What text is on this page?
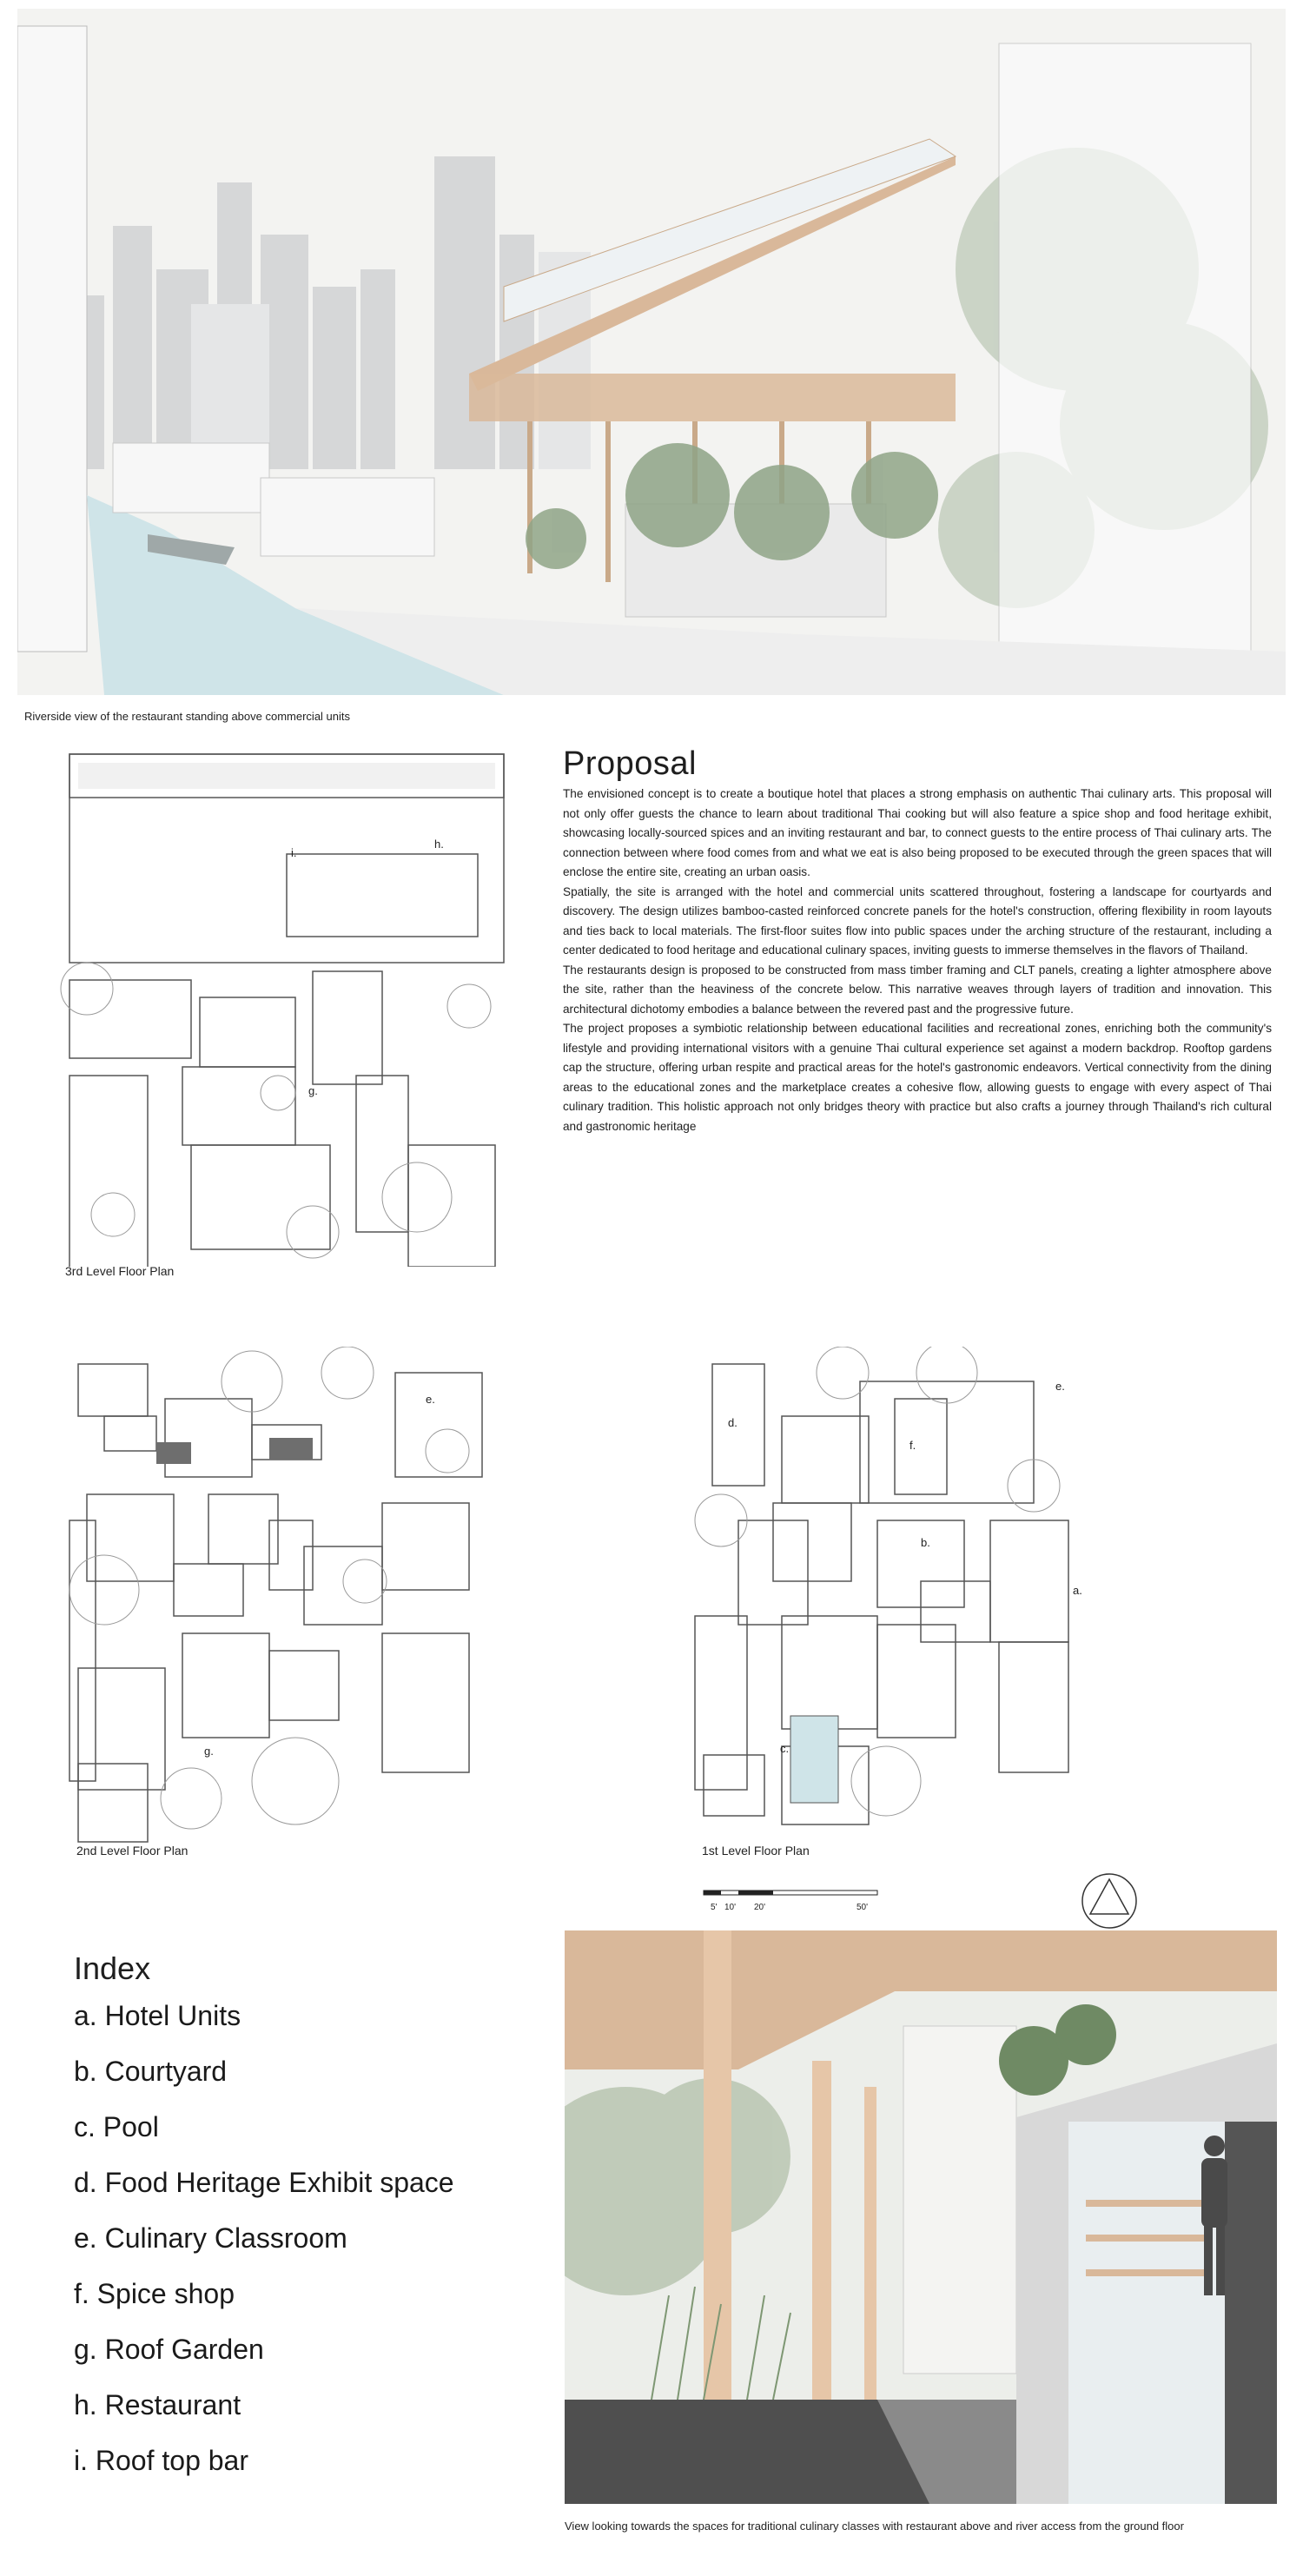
Riverside view of the restaurant standing above commercial units
h.
i.
g.
3rd Level Floor Plan
Proposal

The envisioned concept is to create a boutique hotel that places a strong emphasis on authentic Thai culinary arts. This proposal will not only offer guests the chance to learn about traditional Thai cooking but will also feature a spice shop and food heritage exhibit, showcasing locally-sourced spices and an inviting restaurant and bar, to connect guests to the entire process of Thai culinary arts. The connection between where food comes from and what we eat is also being proposed to be executed through the green spaces that will enclose the entire site, creating an urban oasis.

Spatially, the site is arranged with the hotel and commercial units scattered throughout, fostering a landscape for courtyards and discovery. The design utilizes bamboo-casted reinforced concrete panels for the hotel's construction, offering flexibility in room layouts and ties back to local materials. The first-floor suites flow into public spaces under the arching structure of the restaurant, including a center dedicated to food heritage and educational culinary spaces, inviting guests to immerse themselves in the flavors of Thailand.

The restaurants design is proposed to be constructed from mass timber framing and CLT panels, creating a lighter atmosphere above the site, rather than the heaviness of the concrete below. This narrative weaves through layers of tradition and innovation. This architectural dichotomy embodies a balance between the revered past and the progressive future.

The project proposes a symbiotic relationship between educational facilities and recreational zones, enriching both the community's lifestyle and providing international visitors with a genuine Thai cultural experience set against a modern backdrop. Rooftop gardens cap the structure, offering urban respite and practical areas for the hotel's gastronomic endeavors. Vertical connectivity from the dining areas to the educational zones and the marketplace creates a cohesive flow, allowing guests to engage with every aspect of Thai culinary tradition. This holistic approach not only bridges theory with practice but also crafts a journey through Thailand's rich cultural and gastronomic heritage

e.
g.
2nd Level Floor Plan
d.
f.
e.
b.
a.
c.
1st Level Floor Plan
5' 10' 20'	50'
Index
a. Hotel Units
b. Courtyard
c. Pool
d. Food Heritage Exhibit space
e. Culinary Classroom
f. Spice shop
g. Roof Garden
h. Restaurant
i. Roof top bar
View looking towards the spaces for traditional culinary classes with restaurant above and river access from the ground floor
